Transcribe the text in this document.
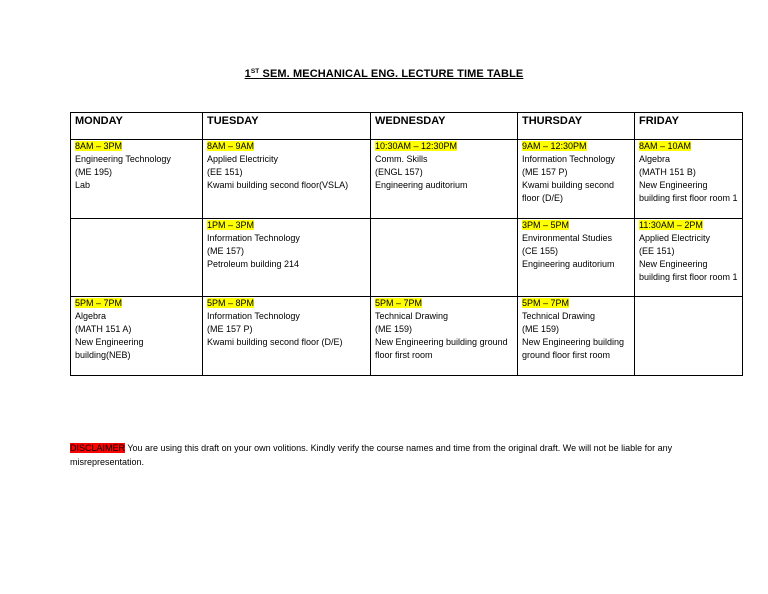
1ST SEM. MECHANICAL ENG. LECTURE TIME TABLE
MONDAY	TUESDAY	WEDNESDAY	THURSDAY	FRIDAY
8AM – 3PM

Engineering Technology
(ME 195)
Lab	8AM – 9AM

Applied Electricity
(EE 151)
Kwami building second floor(VSLA)	10:30AM – 12:30PM

Comm. Skills
(ENGL 157)
Engineering auditorium	9AM – 12:30PM

Information Technology
(ME 157 P)
Kwami building second floor (D/E)	8AM – 10AM

Algebra
(MATH 151 B)
New Engineering building first floor room 1

	1PM – 3PM

Information Technology
(ME 157)
Petroleum building 214		3PM – 5PM

Environmental Studies
(CE 155)
Engineering auditorium	11:30AM – 2PM

Applied Electricity
(EE 151)
New Engineering building first floor room 1

5PM – 7PM

Algebra
(MATH 151 A)
New Engineering building(NEB)	5PM – 8PM

Information Technology
(ME 157 P)
Kwami building second floor (D/E)	5PM – 7PM

Technical Drawing
(ME 159)
New Engineering building ground floor first room	5PM – 7PM

Technical Drawing
(ME 159)
New Engineering building ground floor first room	

DISCLAIMER You are using this draft on your own volitions. Kindly verify the course names and time from the original draft. We will not be liable for any misrepresentation.
